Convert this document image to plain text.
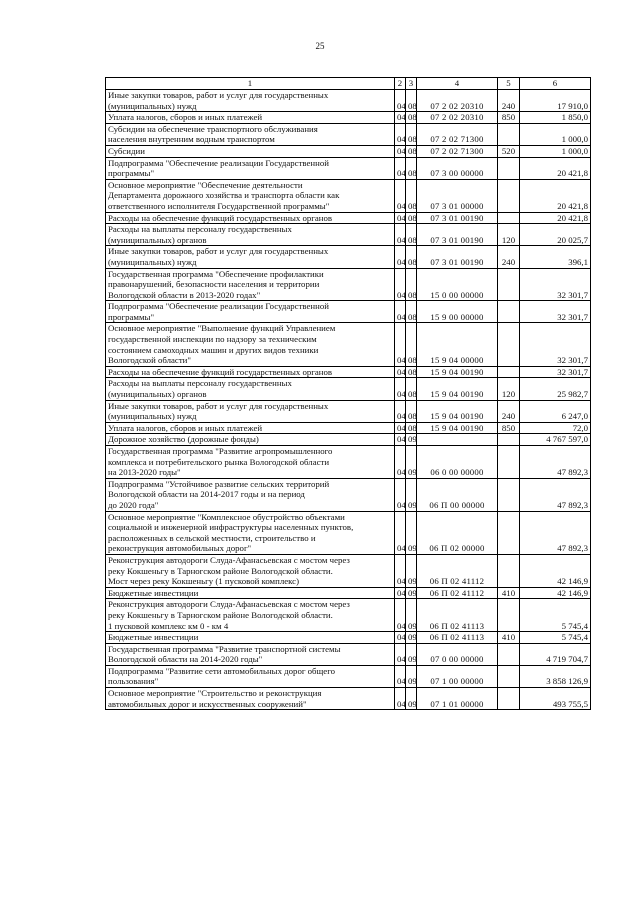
25
1	2	3	4	5	6

Иные закупки товаров, работ и услуг для государственных
(муниципальных) нужд	04	08	07 2 02 20310	240	17 910,0

Уплата налогов, сборов и иных платежей	04	08	07 2 02 20310	850	1 850,0

Субсидии на обеспечение транспортного обслуживания
населения внутренним водным транспортом	04	08	07 2 02 71300		1 000,0

Субсидии	04	08	07 2 02 71300	520	1 000,0

Подпрограмма "Обеспечение реализации Государственной
программы"	04	08	07 3 00 00000		20 421,8

Основное мероприятие "Обеспечение деятельности
Департамента дорожного хозяйства и транспорта области как
ответственного исполнителя Государственной программы"	04	08	07 3 01 00000		20 421,8

Расходы на обеспечение функций государственных органов	04	08	07 3 01 00190		20 421,8

Расходы на выплаты персоналу государственных
(муниципальных) органов	04	08	07 3 01 00190	120	20 025,7

Иные закупки товаров, работ и услуг для государственных
(муниципальных) нужд	04	08	07 3 01 00190	240	396,1

Государственная программа "Обеспечение профилактики
правонарушений, безопасности населения и территории
Вологодской области в 2013-2020 годах"	04	08	15 0 00 00000		32 301,7

Подпрограмма "Обеспечение реализации Государственной
программы"	04	08	15 9 00 00000		32 301,7

Основное мероприятие "Выполнение функций Управлением
государственной инспекции по надзору за техническим
состоянием самоходных машин и других видов техники
Вологодской области"	04	08	15 9 04 00000		32 301,7

Расходы на обеспечение функций государственных органов	04	08	15 9 04 00190		32 301,7

Расходы на выплаты персоналу государственных
(муниципальных) органов	04	08	15 9 04 00190	120	25 982,7

Иные закупки товаров, работ и услуг для государственных
(муниципальных) нужд	04	08	15 9 04 00190	240	6 247,0

Уплата налогов, сборов и иных платежей	04	08	15 9 04 00190	850	72,0

Дорожное хозяйство (дорожные фонды)	04	09			4 767 597,0

Государственная программа "Развитие агропромышленного
комплекса и потребительского рынка Вологодской области
на 2013-2020 годы"	04	09	06 0 00 00000		47 892,3

Подпрограмма "Устойчивое развитие сельских территорий
Вологодской области на 2014-2017 годы и на период
до 2020 года"	04	09	06 П 00 00000		47 892,3

Основное мероприятие "Комплексное обустройство объектами
социальной и инженерной инфраструктуры населенных пунктов,
расположенных в сельской местности, строительство и
реконструкция автомобильных дорог"	04	09	06 П 02 00000		47 892,3

Реконструкция автодороги Слуда-Афанасьевская с мостом через
реку Кокшеньгу в Тарногском районе Вологодской области.
Мост через реку Кокшеньгу (1 пусковой комплекс)	04	09	06 П 02 41112		42 146,9

Бюджетные инвестиции	04	09	06 П 02 41112	410	42 146,9

Реконструкция автодороги Слуда-Афанасьевская с мостом через
реку Кокшеньгу в Тарногском районе Вологодской области.
1 пусковой комплекс км 0 - км 4	04	09	06 П 02 41113		5 745,4

Бюджетные инвестиции	04	09	06 П 02 41113	410	5 745,4

Государственная программа "Развитие транспортной системы
Вологодской области на 2014-2020 годы"	04	09	07 0 00 00000		4 719 704,7

Подпрограмма "Развитие сети автомобильных дорог общего
пользования"	04	09	07 1 00 00000		3 858 126,9

Основное мероприятие "Строительство и реконструкция
автомобильных дорог и искусственных сооружений"	04	09	07 1 01 00000		493 755,5
